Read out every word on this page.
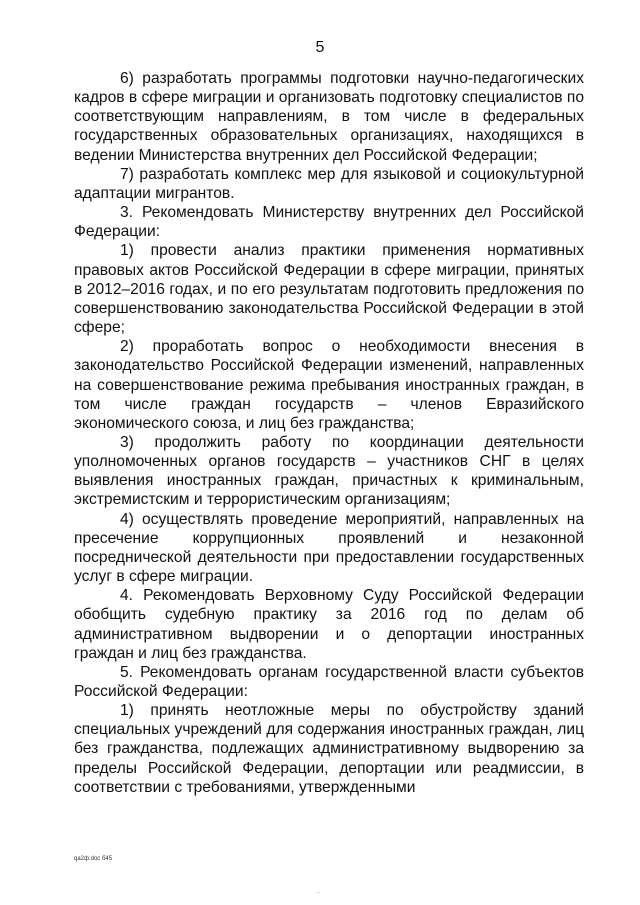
5

6) разработать программы подготовки научно-педагогических кадров в сфере миграции и организовать подготовку специалистов по соответствующим направлениям, в том числе в федеральных государственных образовательных организациях, находящихся в ведении Министерства внутренних дел Российской Федерации;

7) разработать комплекс мер для языковой и социокультурной адаптации мигрантов.

3. Рекомендовать Министерству внутренних дел Российской Федерации:

1) провести анализ практики применения нормативных правовых актов Российской Федерации в сфере миграции, принятых в 2012–2016 годах, и по его результатам подготовить предложения по совершенствованию законодательства Российской Федерации в этой сфере;

2) проработать вопрос о необходимости внесения в законодательство Российской Федерации изменений, направленных на совершенствование режима пребывания иностранных граждан, в том числе граждан государств – членов Евразийского экономического союза, и лиц без гражданства;

3) продолжить работу по координации деятельности уполномоченных органов государств – участников СНГ в целях выявления иностранных граждан, причастных к криминальным, экстремистским и террористическим организациям;

4) осуществлять проведение мероприятий, направленных на пресечение коррупционных проявлений и незаконной посреднической деятельности при предоставлении государственных услуг в сфере миграции.

4. Рекомендовать Верховному Суду Российской Федерации обобщить судебную практику за 2016 год по делам об административном выдворении и о депортации иностранных граждан и лиц без гражданства.

5. Рекомендовать органам государственной власти субъектов Российской Федерации:

1) принять неотложные меры по обустройству зданий специальных учреждений для содержания иностранных граждан, лиц без гражданства, подлежащих административному выдворению за пределы Российской Федерации, депортации или реадмиссии, в соответствии с требованиями, утвержденными

qa2ф.doc б45
··
